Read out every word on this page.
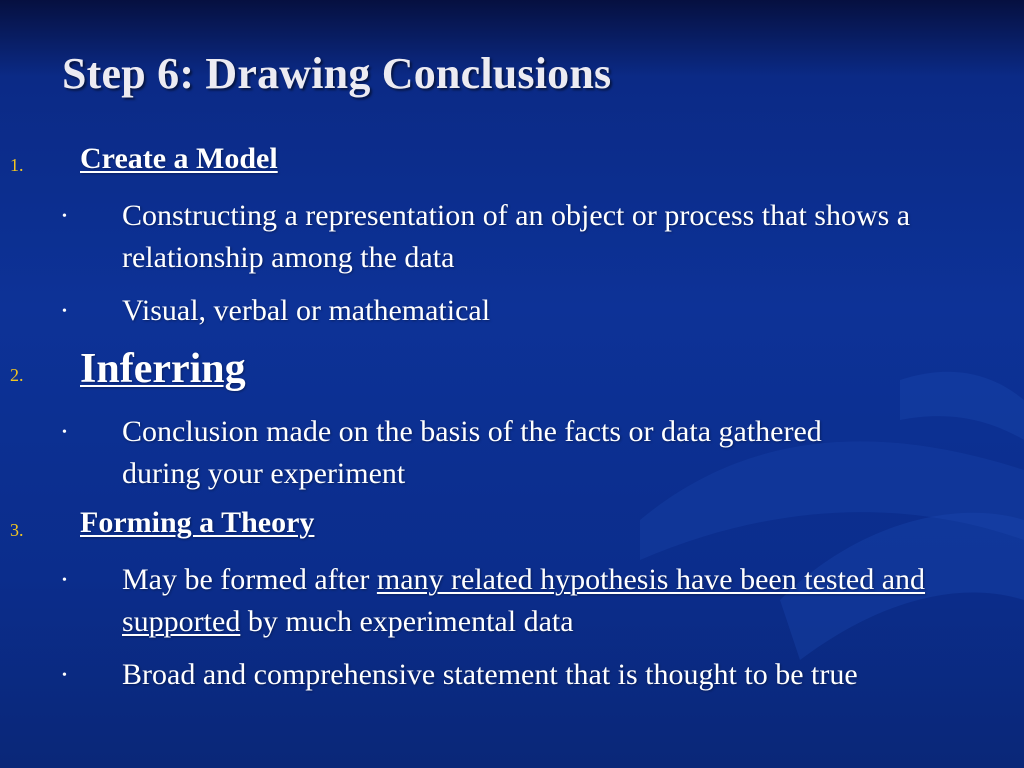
Step 6: Drawing Conclusions
1. Create a Model
• Constructing a representation of an object or process that shows a relationship among the data
• Visual, verbal or mathematical
2. Inferring
• Conclusion made on the basis of the facts or data gathered during your experiment
3. Forming a Theory
• May be formed after many related hypothesis have been tested and supported by much experimental data
• Broad and comprehensive statement that is thought to be true
